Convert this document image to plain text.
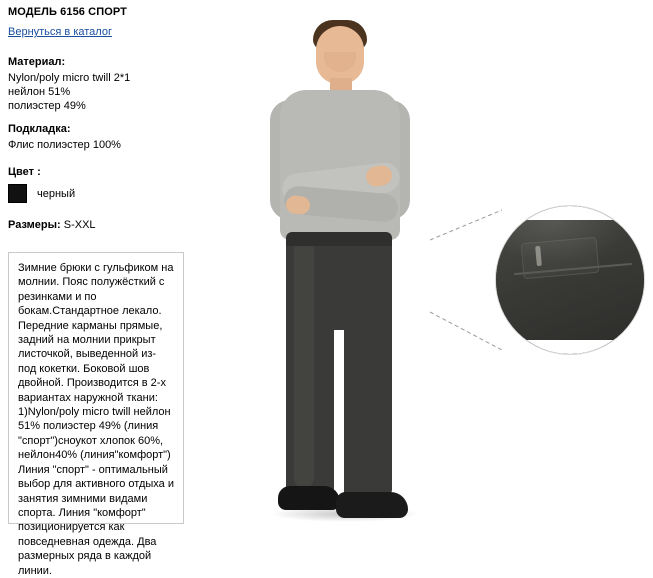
МОДЕЛЬ 6156 СПОРТ
Вернуться в каталог
Материал:
Nylon/poly micro twill 2*1
нейлон 51%
полиэстер 49%
Подкладка:
Флис полиэстер 100%
Цвет :
черный
Размеры: S-XXL
Зимние брюки с гульфиком на молнии. Пояс полужёсткий с резинками и по бокам.Стандартное лекало. Передние карманы прямые, задний на молнии прикрыт листочкой, выведенной из-под кокетки. Боковой шов двойной. Производится в 2-х вариантах наружной ткани: 1)Nylon/poly micro twill нейлон 51% полиэстер 49% (линия "спорт")сноукот хлопок 60%, нейлон40% (линия"комфорт") Линия "спорт" - оптимальный выбор для активного отдыха и занятия зимними видами спорта. Линия "комфорт" позиционируется как повседневная одежда. Два размерных ряда в каждой линии.
